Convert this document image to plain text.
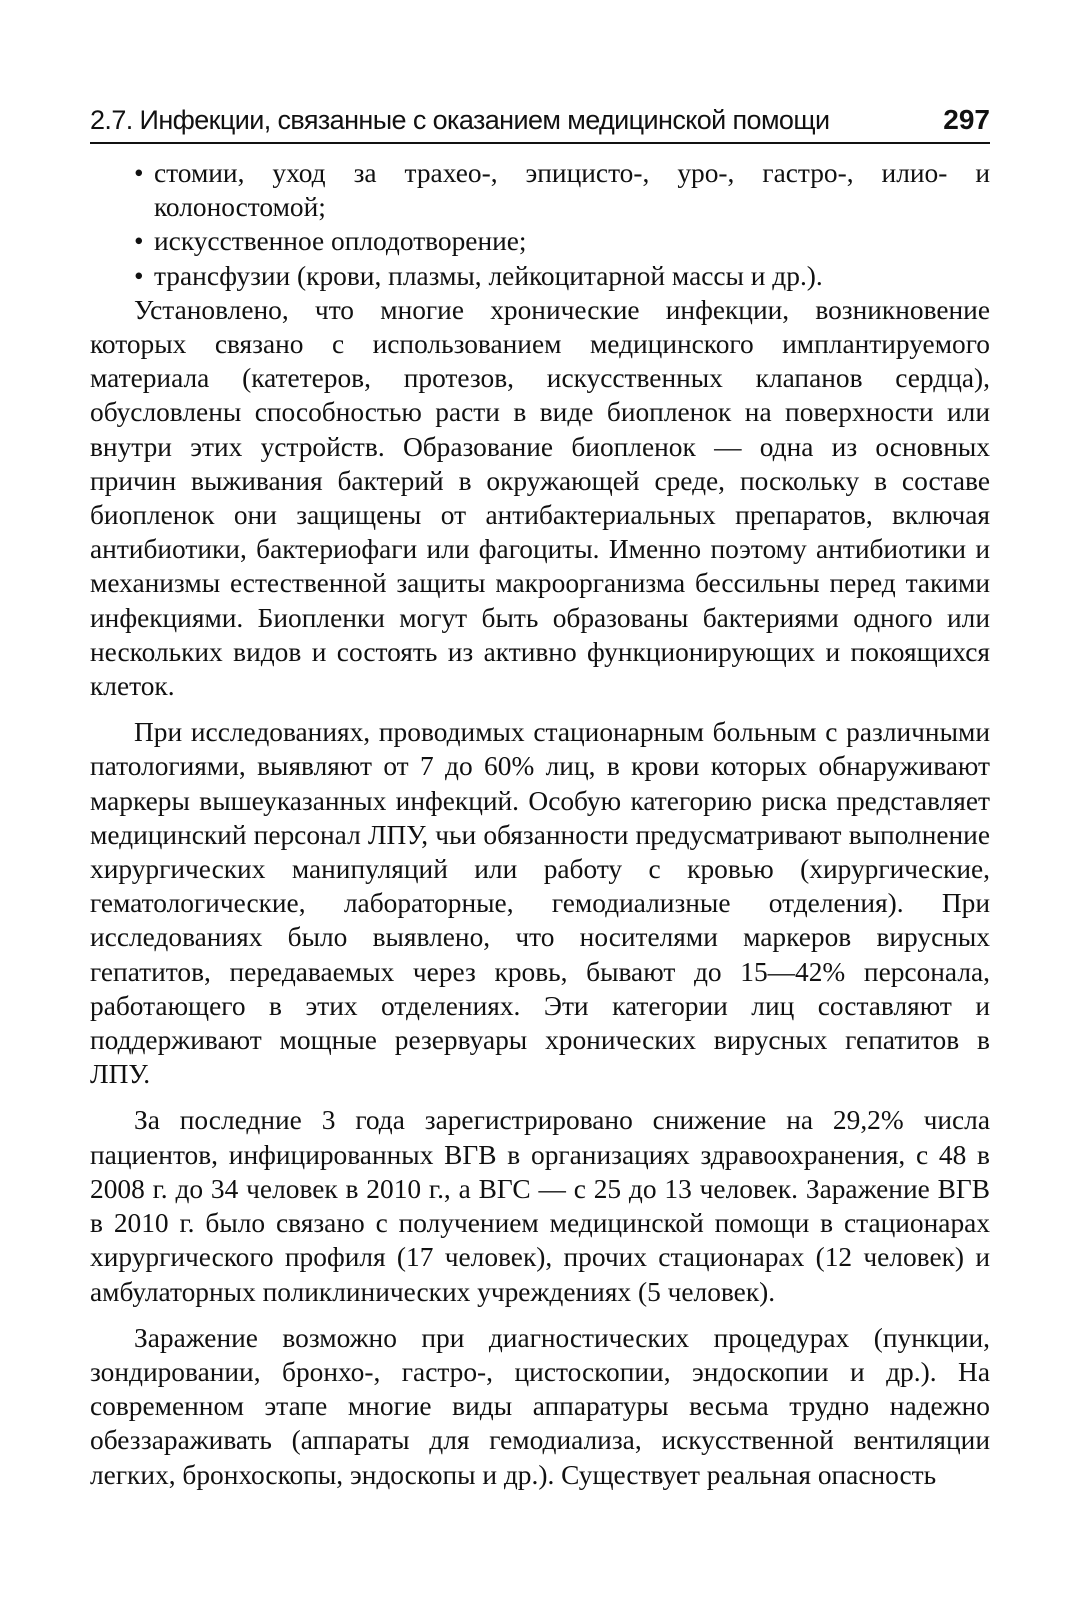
2.7. Инфекции, связанные с оказанием медицинской помощи	297
• стомии, уход за трахео-, эпицисто-, уро-, гастро-, илио- и колоностомой;
• искусственное оплодотворение;
• трансфузии (крови, плазмы, лейкоцитарной массы и др.).

Установлено, что многие хронические инфекции, возникновение которых связано с использованием медицинского имплантируемого материала (катетеров, протезов, искусственных клапанов сердца), обусловлены способностью расти в виде биопленок на поверхности или внутри этих устройств. Образование биопленок — одна из основных причин выживания бактерий в окружающей среде, поскольку в составе биопленок они защищены от антибактериальных препаратов, включая антибиотики, бактериофаги или фагоциты. Именно поэтому антибиотики и механизмы естественной защиты макроорганизма бессильны перед такими инфекциями. Биопленки могут быть образованы бактериями одного или нескольких видов и состоять из активно функционирующих и покоящихся клеток.

При исследованиях, проводимых стационарным больным с различными патологиями, выявляют от 7 до 60% лиц, в крови которых обнаруживают маркеры вышеуказанных инфекций. Особую категорию риска представляет медицинский персонал ЛПУ, чьи обязанности предусматривают выполнение хирургических манипуляций или работу с кровью (хирургические, гематологические, лабораторные, гемодиализные отделения). При исследованиях было выявлено, что носителями маркеров вирусных гепатитов, передаваемых через кровь, бывают до 15—42% персонала, работающего в этих отделениях. Эти категории лиц составляют и поддерживают мощные резервуары хронических вирусных гепатитов в ЛПУ.

За последние 3 года зарегистрировано снижение на 29,2% числа пациентов, инфицированных ВГВ в организациях здравоохранения, с 48 в 2008 г. до 34 человек в 2010 г., а ВГС — с 25 до 13 человек. Заражение ВГВ в 2010 г. было связано с получением медицинской помощи в стационарах хирургического профиля (17 человек), прочих стационарах (12 человек) и амбулаторных поликлинических учреждениях (5 человек).

Заражение возможно при диагностических процедурах (пункции, зондировании, бронхо-, гастро-, цистоскопии, эндоскопии и др.). На современном этапе многие виды аппаратуры весьма трудно надежно обеззараживать (аппараты для гемодиализа, искусственной вентиляции легких, бронхоскопы, эндоскопы и др.). Существует реальная опасность
